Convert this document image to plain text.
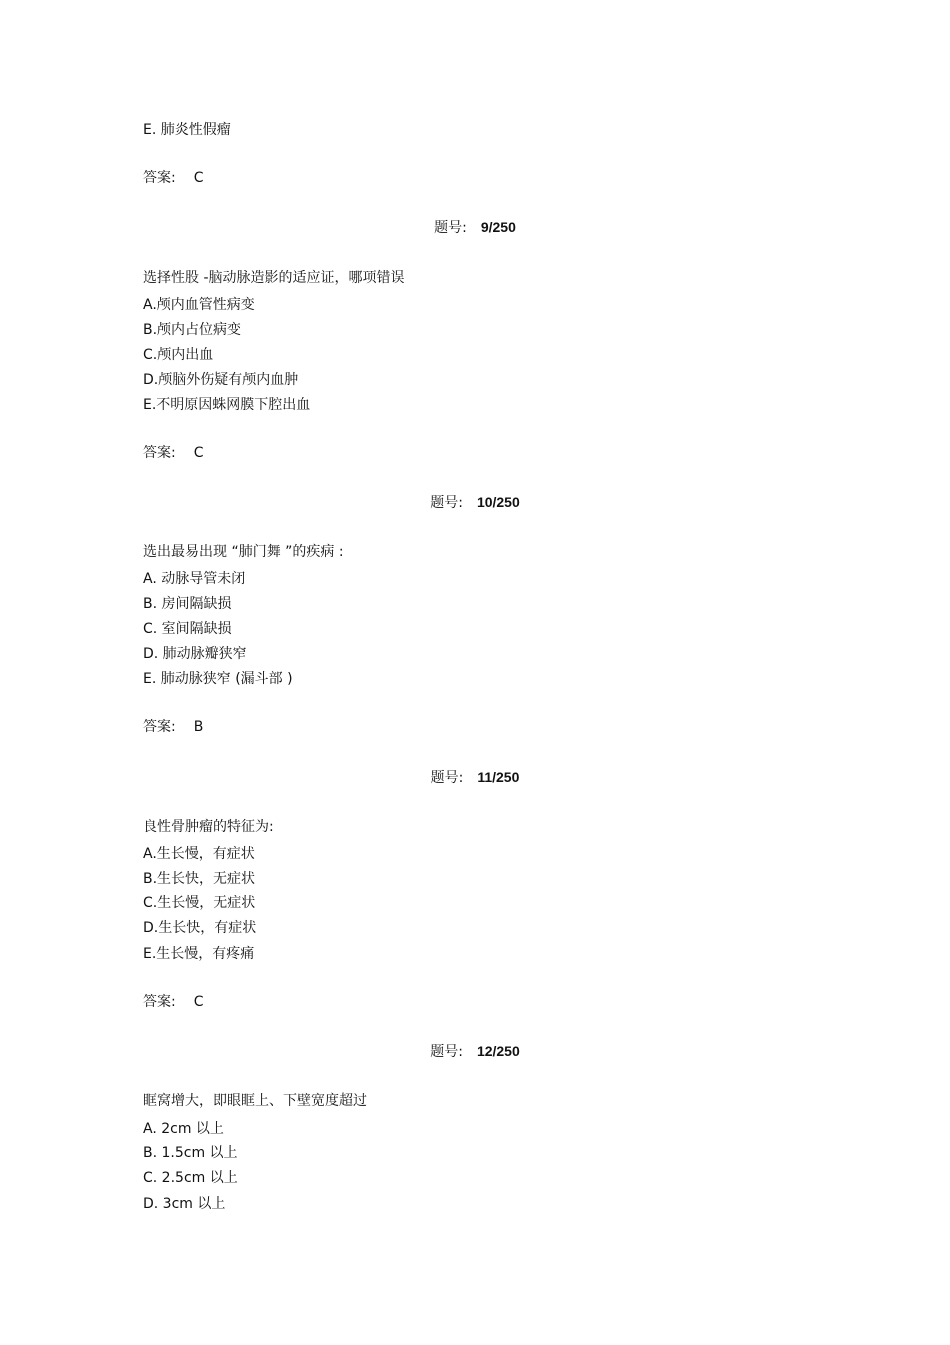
E. 肺炎性假瘤
答案: C
题号: 9/250
选择性股 -脑动脉造影的适应证，哪项错误
A.颅内血管性病变
B.颅内占位病变
C.颅内出血
D.颅脑外伤疑有颅内血肿
E.不明原因蛛网膜下腔出血
答案: C
题号: 10/250
选出最易出现 “肺门舞 ”的疾病 :
A. 动脉导管未闭
B. 房间隔缺损
C. 室间隔缺损
D. 肺动脉瓣狭窄
E. 肺动脉狭窄 (漏斗部 )
答案: B
题号: 11/250
良性骨肿瘤的特征为:
A.生长慢，有症状
B.生长快，无症状
C.生长慢，无症状
D.生长快，有症状
E.生长慢，有疼痛
答案: C
题号: 12/250
眶窝增大，即眼眶上、下壁宽度超过
A. 2cm 以上
B. 1.5cm 以上
C. 2.5cm 以上
D. 3cm 以上
